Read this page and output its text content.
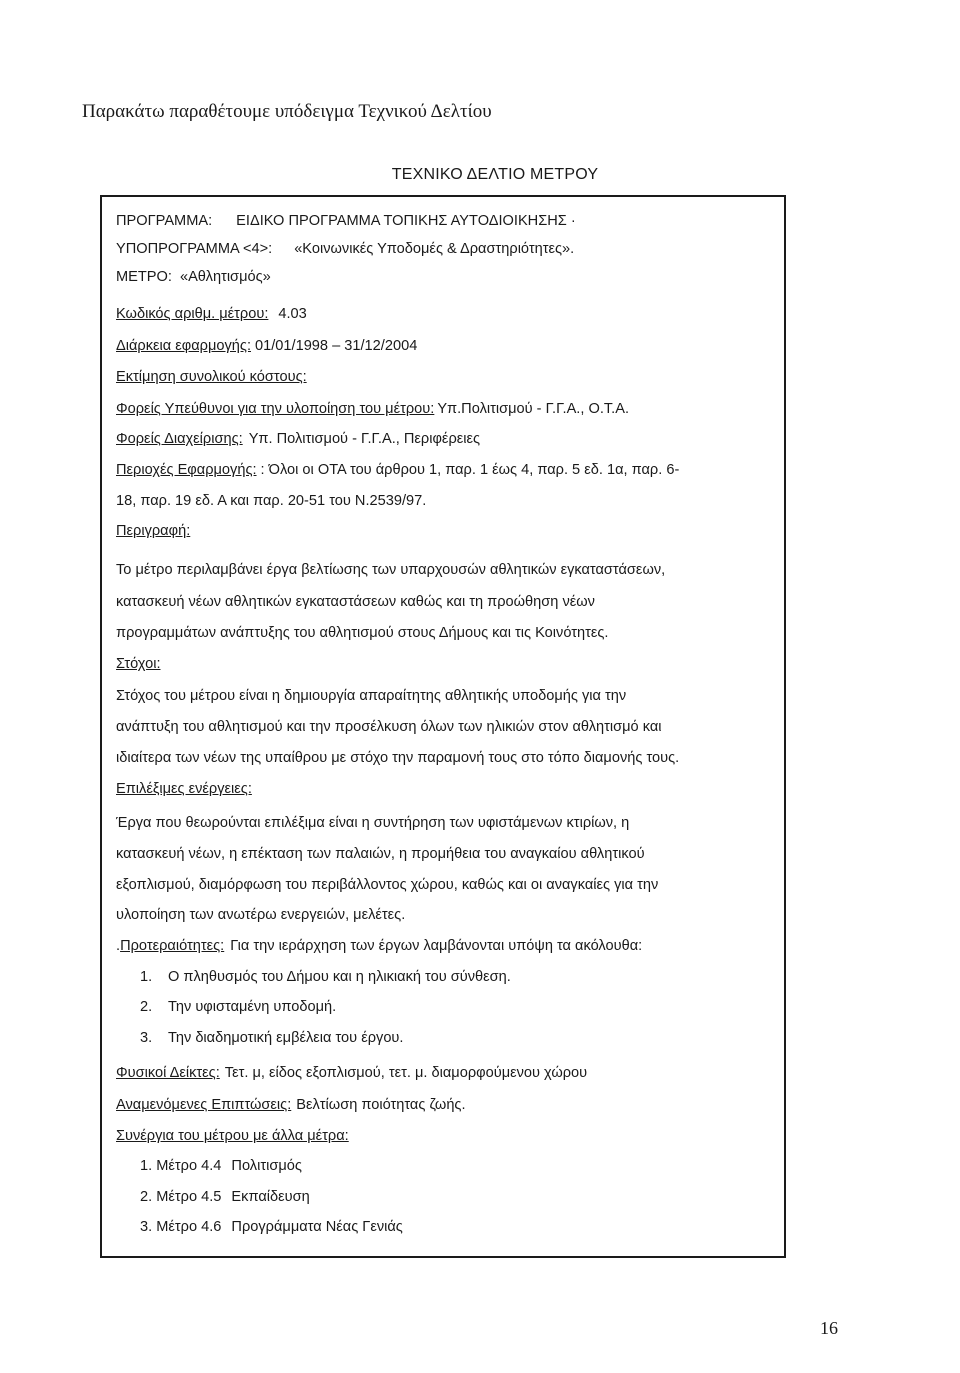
Παρακάτω παραθέτουμε υπόδειγμα Τεχνικού Δελτίου

ΤΕΧΝΙΚΟ ΔΕΛΤΙΟ ΜΕΤΡΟΥ
ΠΡΟΓΡΑΜΜΑ: ΕΙΔΙΚΟ ΠΡΟΓΡΑΜΜΑ ΤΟΠΙΚΗΣ ΑΥΤΟΔΙΟΙΚΗΣΗΣ ·
ΥΠΟΠΡΟΓΡΑΜΜΑ <4>: «Κοινωνικές Υποδομές & Δραστηριότητες».
ΜΕΤΡΟ: «Αθλητισμός»
Κωδικός αριθμ. μέτρου: 4.03
Διάρκεια εφαρμογής: 01/01/1998 – 31/12/2004
Εκτίμηση συνολικού κόστους:
Φορείς Υπεύθυνοι για την υλοποίηση του μέτρου: Υπ.Πολιτισμού - Γ.Γ.Α., Ο.Τ.Α.
Φορείς Διαχείρισης: Υπ. Πολιτισμού - Γ.Γ.Α., Περιφέρειες
Περιοχές Εφαρμογής: : Όλοι οι ΟΤΑ του άρθρου 1, παρ. 1 έως 4, παρ. 5 εδ. 1α, παρ. 6-
18, παρ. 19 εδ. Α και παρ. 20-51 του Ν.2539/97.
Περιγραφή:
Το μέτρο περιλαμβάνει έργα βελτίωσης των υπαρχουσών αθλητικών εγκαταστάσεων,
κατασκευή νέων αθλητικών εγκαταστάσεων καθώς και τη προώθηση νέων
προγραμμάτων ανάπτυξης του αθλητισμού στους Δήμους και τις Κοινότητες.
Στόχοι:
Στόχος του μέτρου είναι η δημιουργία απαραίτητης αθλητικής υποδομής για την
ανάπτυξη του αθλητισμού και την προσέλκυση όλων των ηλικιών στον αθλητισμό και
ιδιαίτερα των νέων της υπαίθρου με στόχο την παραμονή τους στο τόπο διαμονής τους.
Επιλέξιμες ενέργειες:
Έργα που θεωρούνται επιλέξιμα είναι η συντήρηση των υφιστάμενων κτιρίων, η
κατασκευή νέων, η επέκταση των παλαιών, η προμήθεια του αναγκαίου αθλητικού
εξοπλισμού, διαμόρφωση του περιβάλλοντος χώρου, καθώς και οι αναγκαίες για την
υλοποίηση των ανωτέρω ενεργειών, μελέτες.
.Προτεραιότητες: Για την ιεράρχηση των έργων λαμβάνονται υπόψη τα ακόλουθα:
1. Ο πληθυσμός του Δήμου και η ηλικιακή του σύνθεση.
2. Την υφισταμένη υποδομή.
3. Την διαδημοτική εμβέλεια του έργου.
Φυσικοί Δείκτες: Τετ. μ, είδος εξοπλισμού, τετ. μ. διαμορφούμενου χώρου
Αναμενόμενες Επιπτώσεις: Βελτίωση ποιότητας ζωής.
Συνέργια του μέτρου με άλλα μέτρα:
1. Μέτρο 4.4 Πολιτισμός
2. Μέτρο 4.5 Εκπαίδευση
3. Μέτρο 4.6 Προγράμματα Νέας Γενιάς
16
